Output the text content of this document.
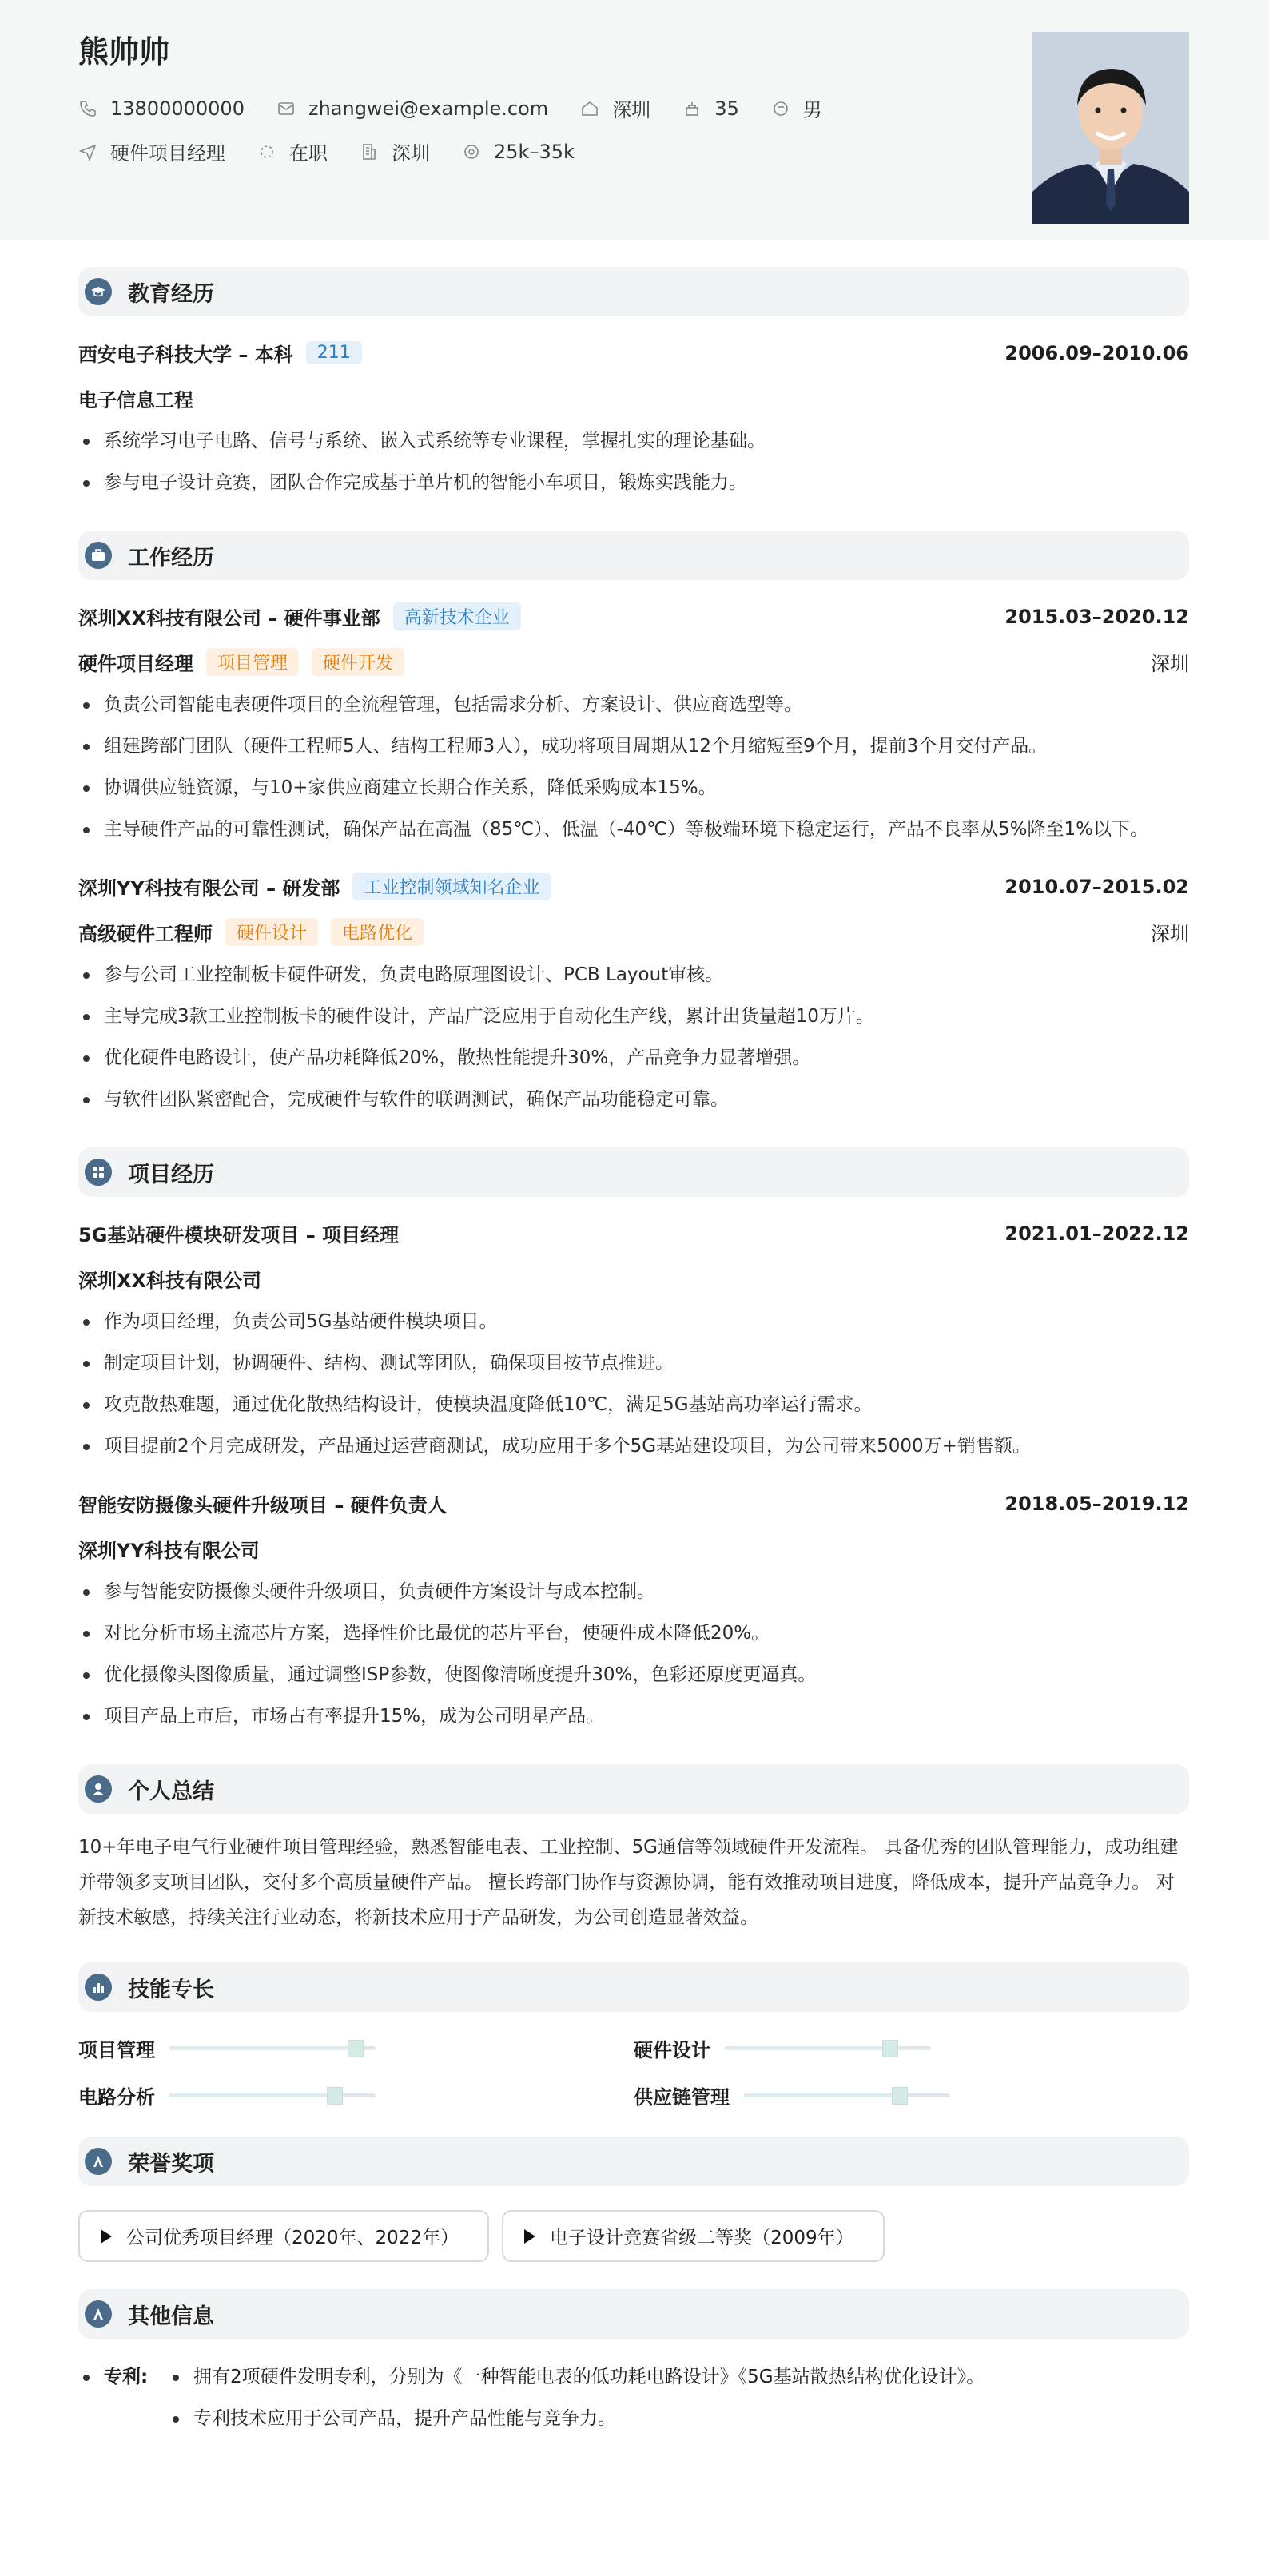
熊帅帅
13800000000	zhangwei@example.com	深圳	35	男
硬件项目经理	在职	深圳	25k–35k
教育经历
西安电子科技大学 – 本科	211	2006.09–2010.06
电子信息工程
系统学习电子电路、信号与系统、嵌入式系统等专业课程，掌握扎实的理论基础。
参与电子设计竞赛，团队合作完成基于单片机的智能小车项目，锻炼实践能力。
工作经历
深圳XX科技有限公司 – 硬件事业部	高新技术企业	2015.03–2020.12
硬件项目经理	项目管理	硬件开发	深圳
负责公司智能电表硬件项目的全流程管理，包括需求分析、方案设计、供应商选型等。
组建跨部门团队（硬件工程师5人、结构工程师3人），成功将项目周期从12个月缩短至9个月，提前3个月交付产品。
协调供应链资源，与10+家供应商建立长期合作关系，降低采购成本15%。
主导硬件产品的可靠性测试，确保产品在高温（85℃）、低温（-40℃）等极端环境下稳定运行，产品不良率从5%降至1%以下。
深圳YY科技有限公司 – 研发部	工业控制领域知名企业	2010.07–2015.02
高级硬件工程师	硬件设计	电路优化	深圳
参与公司工业控制板卡硬件研发，负责电路原理图设计、PCB Layout审核。
主导完成3款工业控制板卡的硬件设计，产品广泛应用于自动化生产线，累计出货量超10万片。
优化硬件电路设计，使产品功耗降低20%，散热性能提升30%，产品竞争力显著增强。
与软件团队紧密配合，完成硬件与软件的联调测试，确保产品功能稳定可靠。
项目经历
5G基站硬件模块研发项目 – 项目经理	2021.01–2022.12
深圳XX科技有限公司
作为项目经理，负责公司5G基站硬件模块项目。
制定项目计划，协调硬件、结构、测试等团队，确保项目按节点推进。
攻克散热难题，通过优化散热结构设计，使模块温度降低10℃，满足5G基站高功率运行需求。
项目提前2个月完成研发，产品通过运营商测试，成功应用于多个5G基站建设项目，为公司带来5000万+销售额。
智能安防摄像头硬件升级项目 – 硬件负责人	2018.05–2019.12
深圳YY科技有限公司
参与智能安防摄像头硬件升级项目，负责硬件方案设计与成本控制。
对比分析市场主流芯片方案，选择性价比最优的芯片平台，使硬件成本降低20%。
优化摄像头图像质量，通过调整ISP参数，使图像清晰度提升30%，色彩还原度更逼真。
项目产品上市后，市场占有率提升15%，成为公司明星产品。
个人总结
10+年电子电气行业硬件项目管理经验，熟悉智能电表、工业控制、5G通信等领域硬件开发流程。 具备优秀的团队管理能力，成功组建并带领多支项目团队，交付多个高质量硬件产品。 擅长跨部门协作与资源协调，能有效推动项目进度，降低成本，提升产品竞争力。 对新技术敏感，持续关注行业动态，将新技术应用于产品研发，为公司创造显著效益。
技能专长
项目管理	硬件设计
电路分析	供应链管理
荣誉奖项
公司优秀项目经理（2020年、2022年）	电子设计竞赛省级二等奖（2009年）
其他信息
专利:	拥有2项硬件发明专利，分别为《一种智能电表的低功耗电路设计》《5G基站散热结构优化设计》。
专利技术应用于公司产品，提升产品性能与竞争力。
